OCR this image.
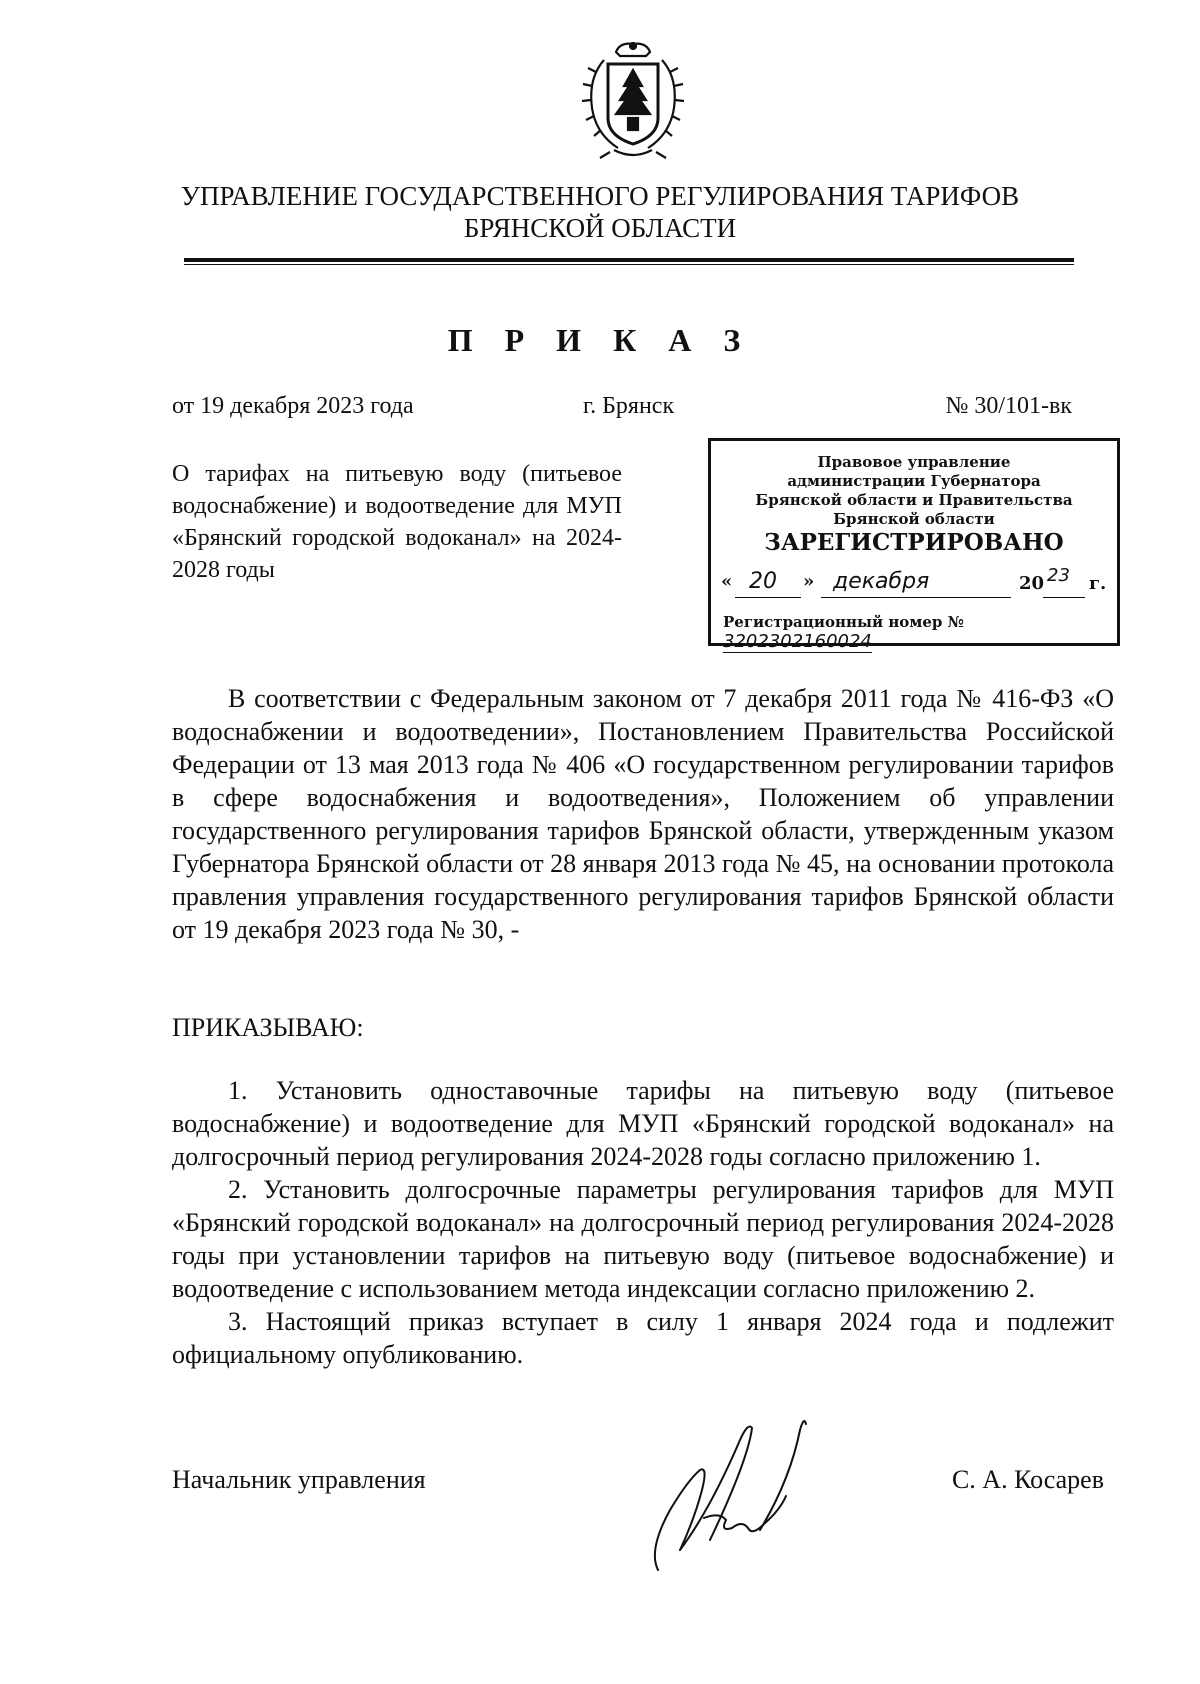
УПРАВЛЕНИЕ ГОСУДАРСТВЕННОГО РЕГУЛИРОВАНИЯ ТАРИФОВ
БРЯНСКОЙ ОБЛАСТИ
П Р И К А З
от 19 декабря 2023 года	г. Брянск	№ 30/101-вк

О тарифах на питьевую воду (питьевое водоснабжение) и водоотведение для МУП «Брянский городской водоканал» на 2024-2028 годы

Правовое управление
администрации Губернатора
Брянской области и Правительства
Брянской области
ЗАРЕГИСТРИРОВАНО
« 20 » декабря	20 23 г.
Регистрационный номер № 3202302160024

В соответствии с Федеральным законом от 7 декабря 2011 года № 416-ФЗ «О водоснабжении и водоотведении», Постановлением Правительства Российской Федерации от 13 мая 2013 года № 406 «О государственном регулировании тарифов в сфере водоснабжения и водоотведения», Положением об управлении государственного регулирования тарифов Брянской области, утвержденным указом Губернатора Брянской области от 28 января 2013 года № 45, на основании протокола правления управления государственного регулирования тарифов Брянской области от 19 декабря 2023 года № 30, -

ПРИКАЗЫВАЮ:

1. Установить одноставочные тарифы на питьевую воду (питьевое водоснабжение) и водоотведение для МУП «Брянский городской водоканал» на долгосрочный период регулирования 2024-2028 годы согласно приложению 1.

2. Установить долгосрочные параметры регулирования тарифов для МУП «Брянский городской водоканал» на долгосрочный период регулирования 2024-2028 годы при установлении тарифов на питьевую воду (питьевое водоснабжение) и водоотведение с использованием метода индексации согласно приложению 2.

3. Настоящий приказ вступает в силу 1 января 2024 года и подлежит официальному опубликованию.

Начальник управления	С. А. Косарев
